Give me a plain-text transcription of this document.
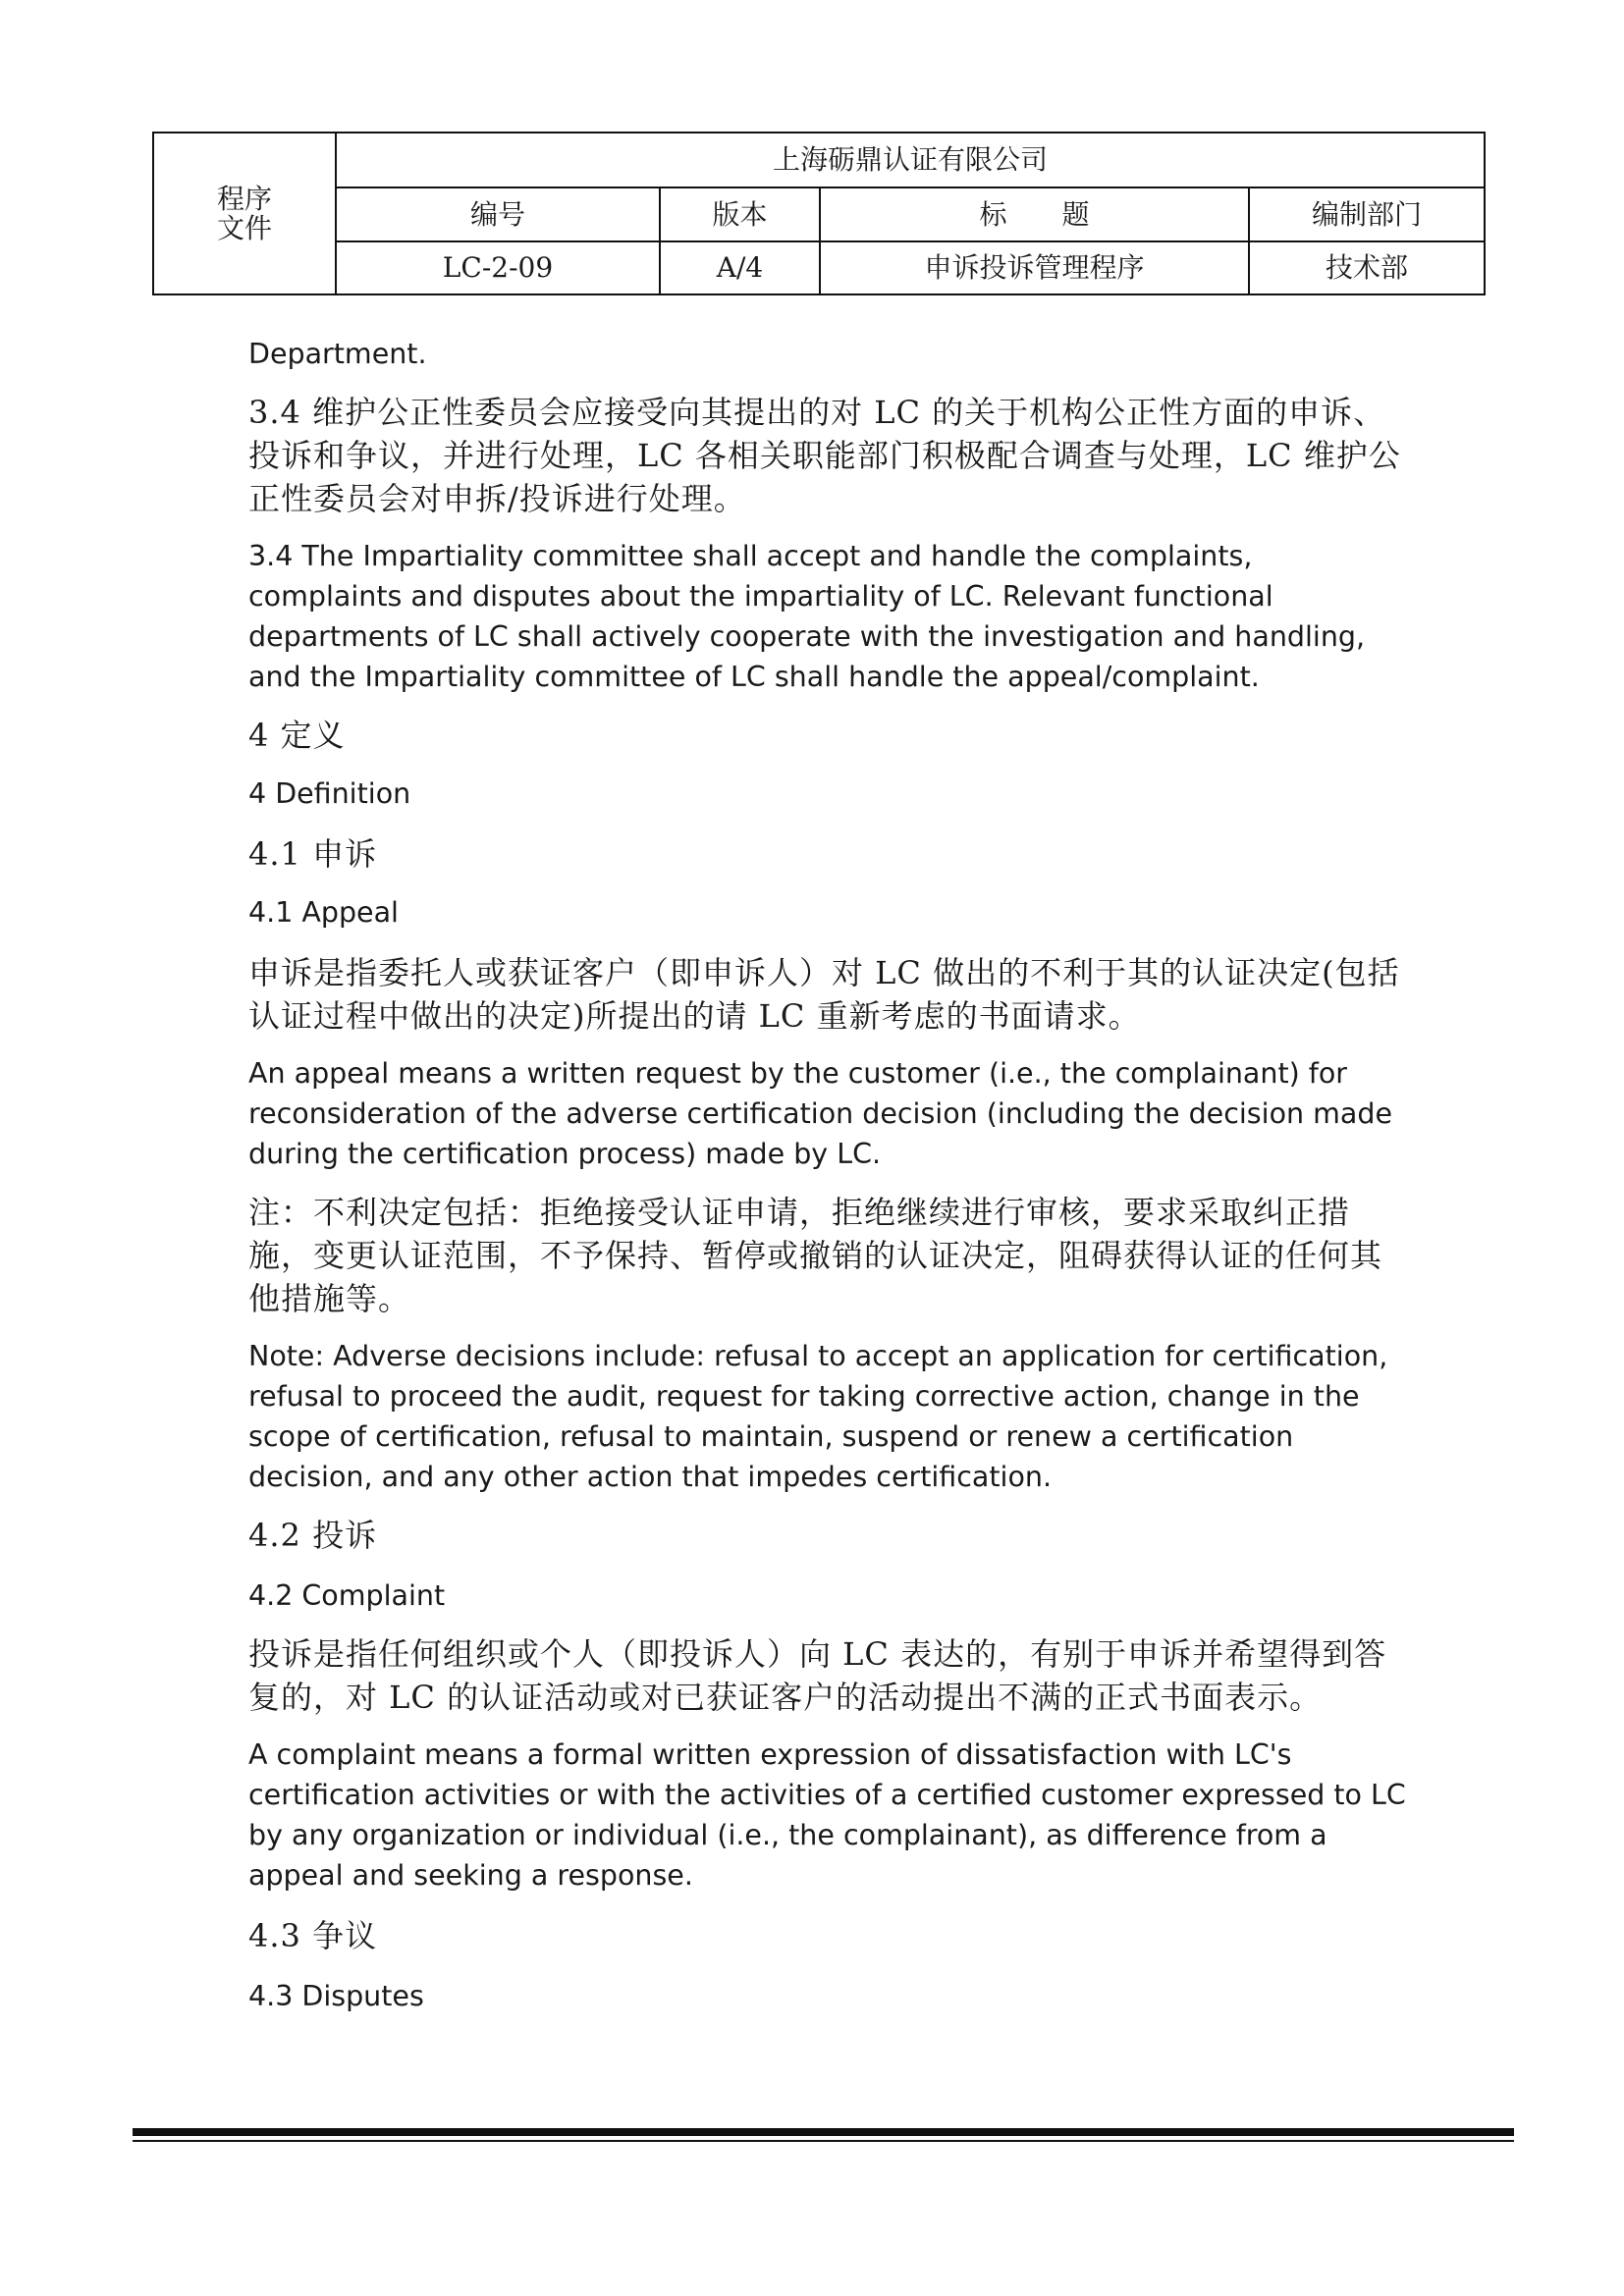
程序
文件	上海砺鼎认证有限公司			
	编号	版本	标　　题	编制部门
	LC-2-09	A/4	申诉投诉管理程序	技术部

Department.

3.4 维护公正性委员会应接受向其提出的对 LC 的关于机构公正性方面的申诉、投诉和争议，并进行处理，LC 各相关职能部门积极配合调查与处理，LC 维护公正性委员会对申拆/投诉进行处理。

3.4 The Impartiality committee shall accept and handle the complaints, complaints and disputes about the impartiality of LC. Relevant functional departments of LC shall actively cooperate with the investigation and handling, and the Impartiality committee of LC shall handle the appeal/complaint.

4 定义

4 Definition

4.1 申诉

4.1 Appeal

申诉是指委托人或获证客户（即申诉人）对 LC 做出的不利于其的认证决定(包括认证过程中做出的决定)所提出的请 LC 重新考虑的书面请求。

An appeal means a written request by the customer (i.e., the complainant) for reconsideration of the adverse certification decision (including the decision made during the certification process) made by LC.

注：不利决定包括：拒绝接受认证申请，拒绝继续进行审核，要求采取纠正措施，变更认证范围，不予保持、暂停或撤销的认证决定，阻碍获得认证的任何其他措施等。

Note: Adverse decisions include: refusal to accept an application for certification, refusal to proceed the audit, request for taking corrective action, change in the scope of certification, refusal to maintain, suspend or renew a certification decision, and any other action that impedes certification.

4.2 投诉

4.2 Complaint

投诉是指任何组织或个人（即投诉人）向 LC 表达的，有别于申诉并希望得到答复的，对 LC 的认证活动或对已获证客户的活动提出不满的正式书面表示。

A complaint means a formal written expression of dissatisfaction with LC's certification activities or with the activities of a certified customer expressed to LC by any organization or individual (i.e., the complainant), as difference from a appeal and seeking a response.

4.3 争议

4.3 Disputes
